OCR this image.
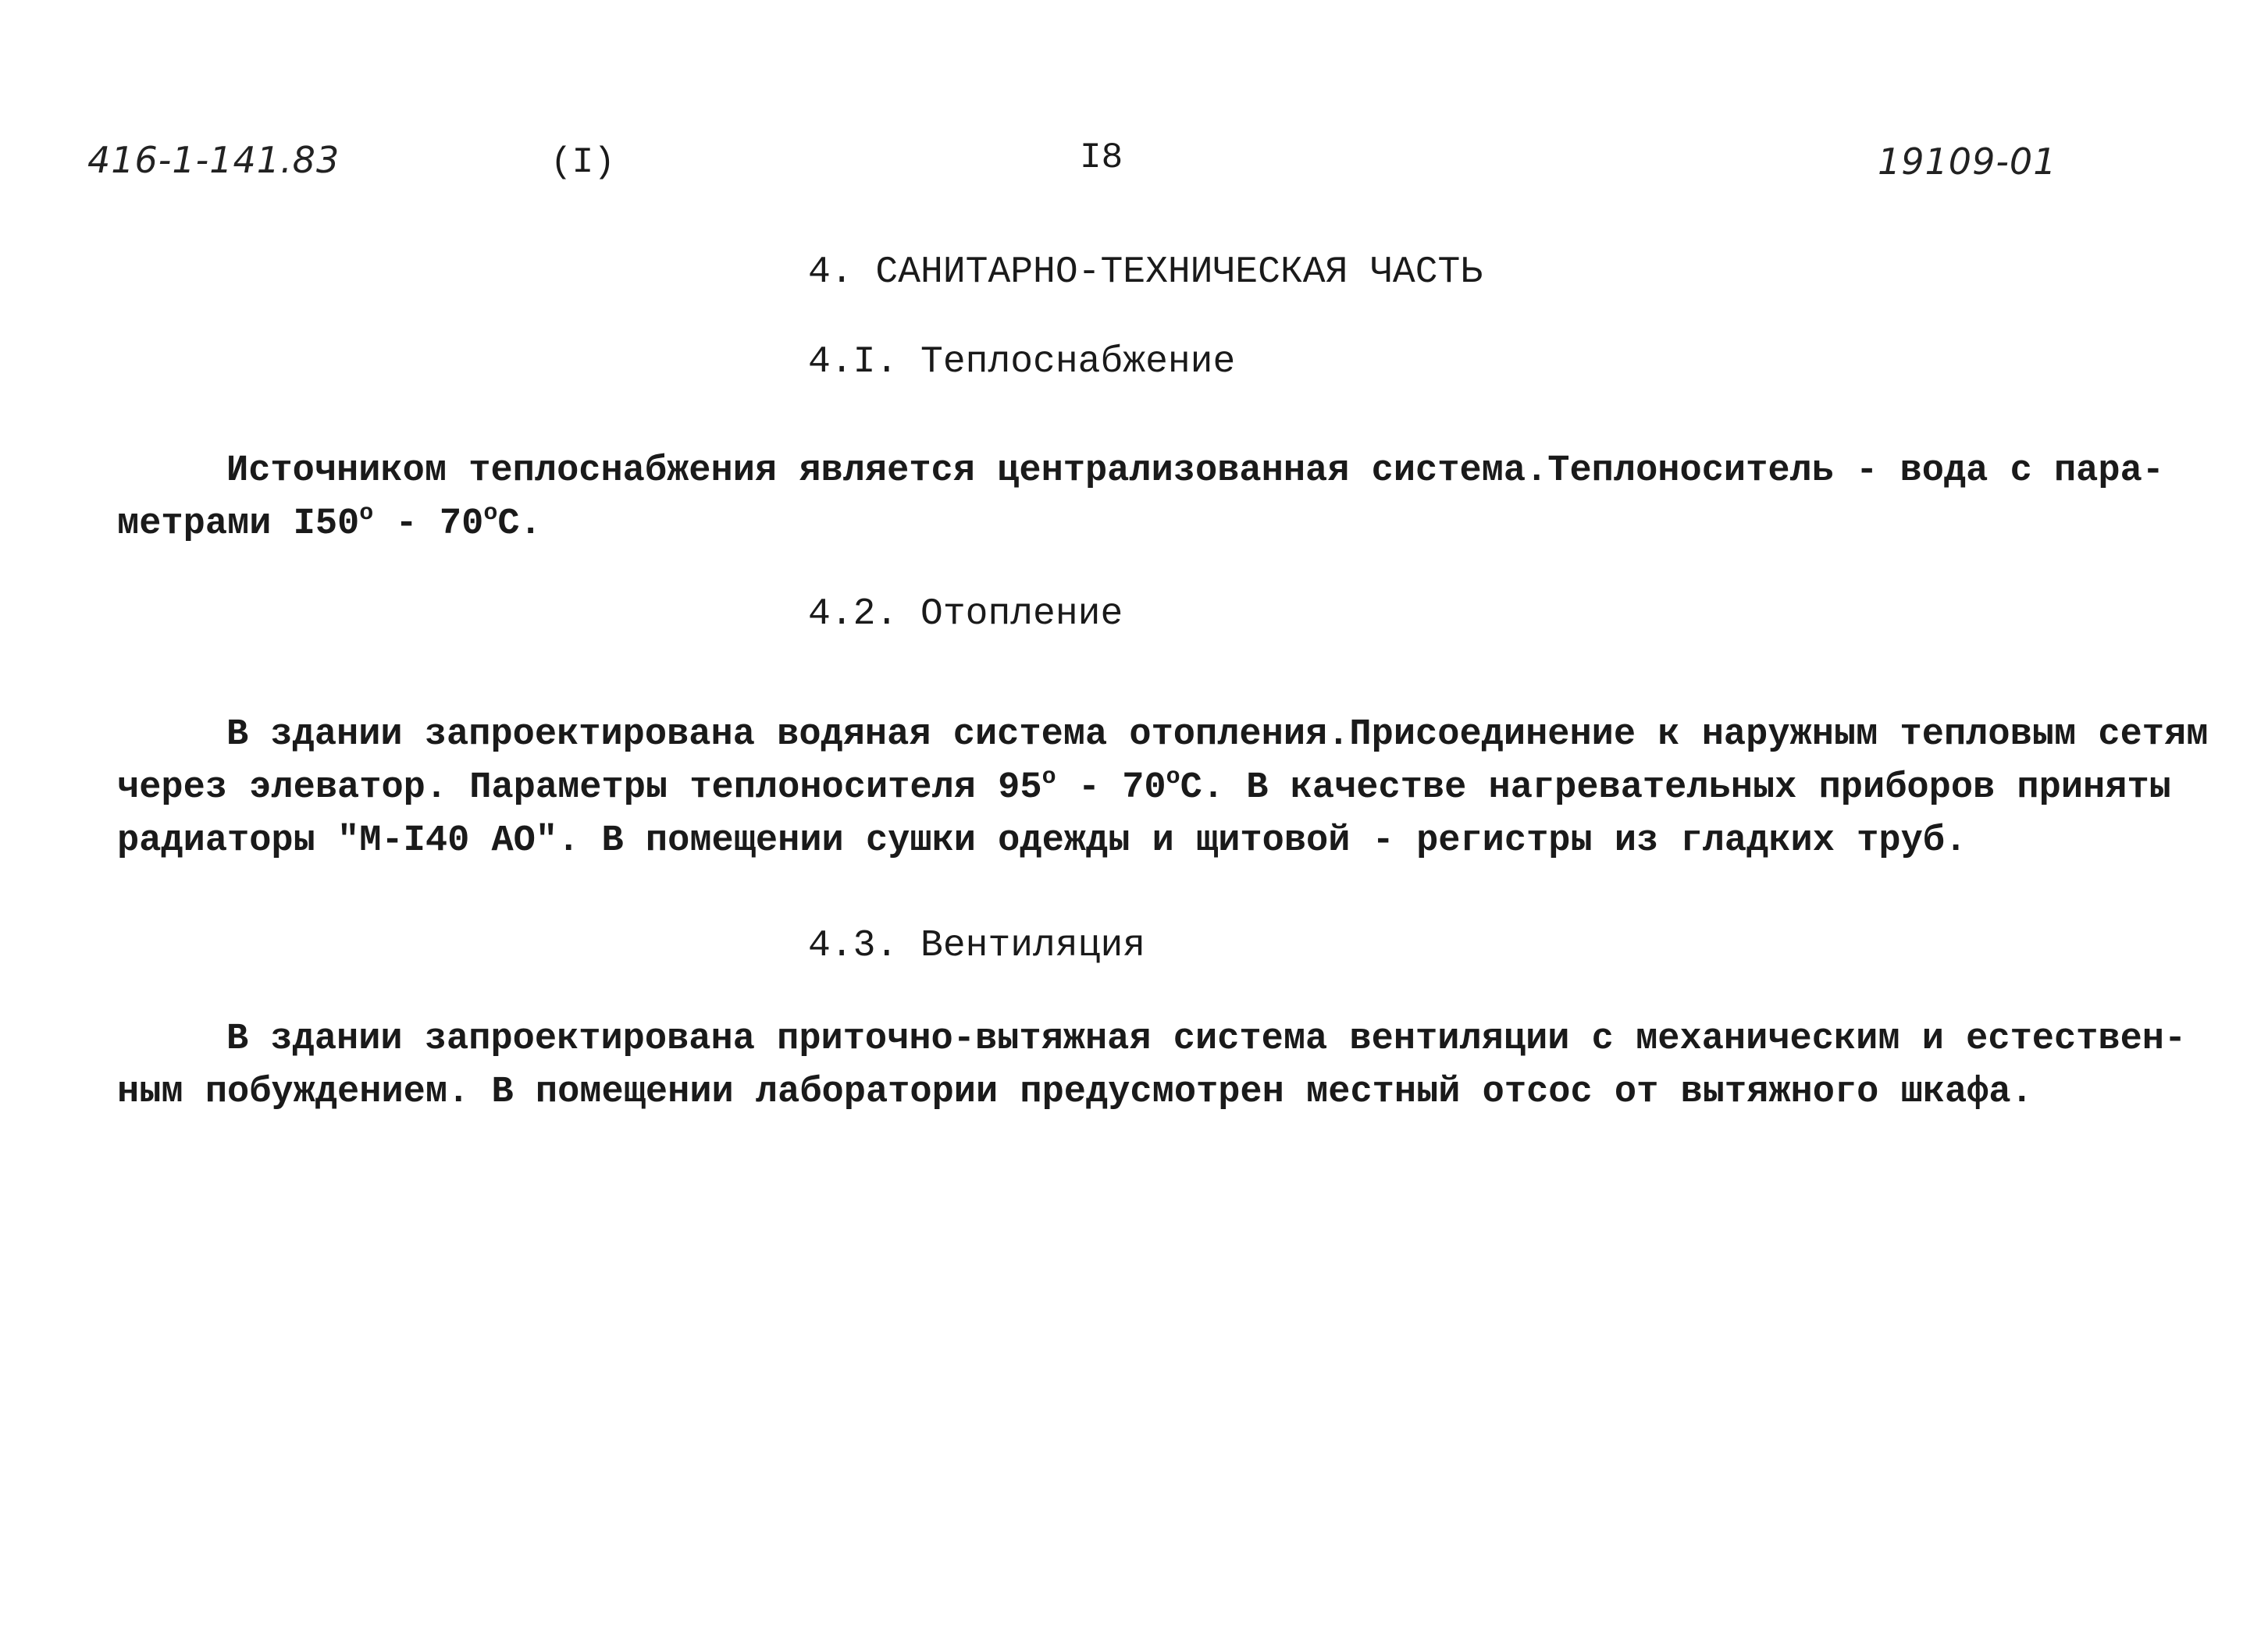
416-1-141.83	(I)	I8	19109-01
4. САНИТАРНО-ТЕХНИЧЕСКАЯ ЧАСТЬ
4.I. Теплоснабжение
Источником теплоснабжения является централизованная система.Теплоноситель - вода с пара-
метрами I50$^o$ - 70$^o$С.
4.2. Отопление
В здании запроектирована водяная система отопления.Присоединение к наружным тепловым сетям
через элеватор. Параметры теплоносителя 95$^o$ - 70$^o$С. В качестве нагревательных приборов приняты
радиаторы "М-I40 АО". В помещении сушки одежды и щитовой - регистры из гладких труб.
4.3. Вентиляция
В здании запроектирована приточно-вытяжная система вентиляции с механическим и естествен-
ным побуждением. В помещении лаборатории предусмотрен местный отсос от вытяжного шкафа.
